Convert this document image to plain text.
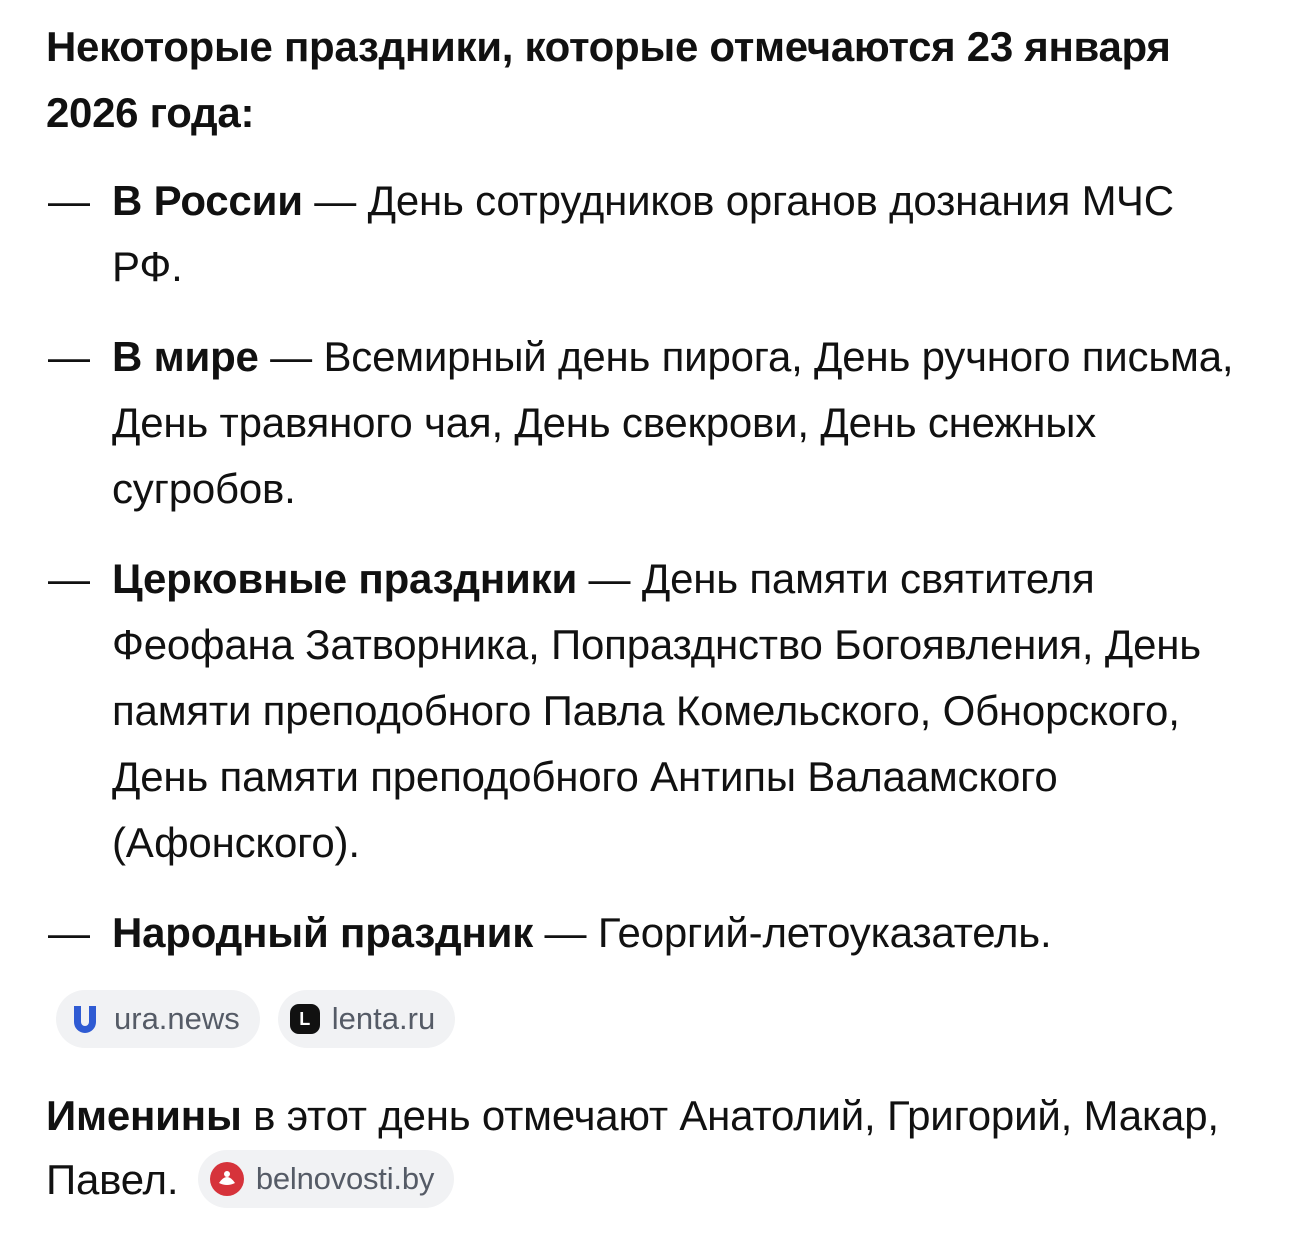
Некоторые праздники, которые отмечаются 23 января 2026 года:
— В России — День сотрудников органов дознания МЧС РФ.
— В мире — Всемирный день пирога, День ручного письма, День травяного чая, День свекрови, День снежных сугробов.
— Церковные праздники — День памяти святителя Феофана Затворника, Попразднство Богоявления, День памяти преподобного Павла Комельского, Обнорского, День памяти преподобного Антипы Валаамского (Афонского).
— Народный праздник — Георгий-летоуказатель.
ura.news	L lenta.ru

Именины в этот день отмечают Анатолий, Григорий, Макар, Павел. belnovosti.by
